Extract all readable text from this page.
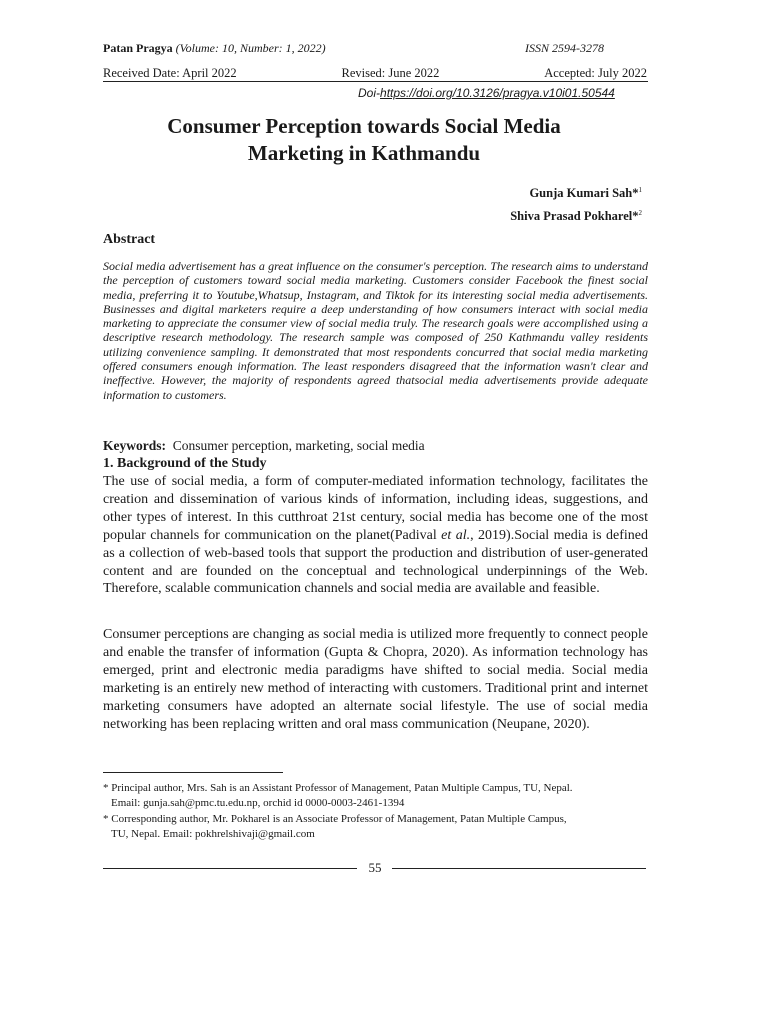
Patan Pragya (Volume: 10, Number: 1, 2022)	ISSN 2594-3278
Received Date: April 2022	Revised: June 2022	Accepted: July 2022
Doi-https://doi.org/10.3126/pragya.v10i01.50544
Consumer Perception towards Social Media
Marketing in Kathmandu
Gunja Kumari Sah*$^1$
Shiva Prasad Pokharel*$^2$
Abstract
Social media advertisement has a great influence on the consumer's perception. The research aims to understand the perception of customers toward social media marketing. Customers consider Facebook the finest social media, preferring it to Youtube,Whatsup, Instagram, and Tiktok for its interesting social media advertisements. Businesses and digital marketers require a deep understanding of how consumers interact with social media marketing to appreciate the consumer view of social media truly. The research goals were accomplished using a descriptive research methodology. The research sample was composed of 250 Kathmandu valley residents utilizing convenience sampling. It demonstrated that most respondents concurred that social media marketing offered consumers enough information. The least responders disagreed that the information wasn't clear and ineffective. However, the majority of respondents agreed thatsocial media advertisements provide adequate information to customers.
Keywords: Consumer perception, marketing, social media
1. Background of the Study
The use of social media, a form of computer-mediated information technology, facilitates the creation and dissemination of various kinds of information, including ideas, suggestions, and other types of interest. In this cutthroat 21st century, social media has become one of the most popular channels for communication on the planet(Padival et al., 2019).Social media is defined as a collection of web-based tools that support the production and distribution of user-generated content and are founded on the conceptual and technological underpinnings of the Web. Therefore, scalable communication channels and social media are available and feasible.
Consumer perceptions are changing as social media is utilized more frequently to connect people and enable the transfer of information (Gupta & Chopra, 2020). As information technology has emerged, print and electronic media paradigms have shifted to social media. Social media marketing is an entirely new method of interacting with customers. Traditional print and internet marketing consumers have adopted an alternate social lifestyle. The use of social media networking has been replacing written and oral mass communication (Neupane, 2020).
* Principal author, Mrs. Sah is an Assistant Professor of Management, Patan Multiple Campus, TU, Nepal.
Email: gunja.sah@pmc.tu.edu.np, orchid id 0000-0003-2461-1394
* Corresponding author, Mr. Pokharel is an Associate Professor of Management, Patan Multiple Campus,
TU, Nepal. Email: pokhrelshivaji@gmail.com
55
